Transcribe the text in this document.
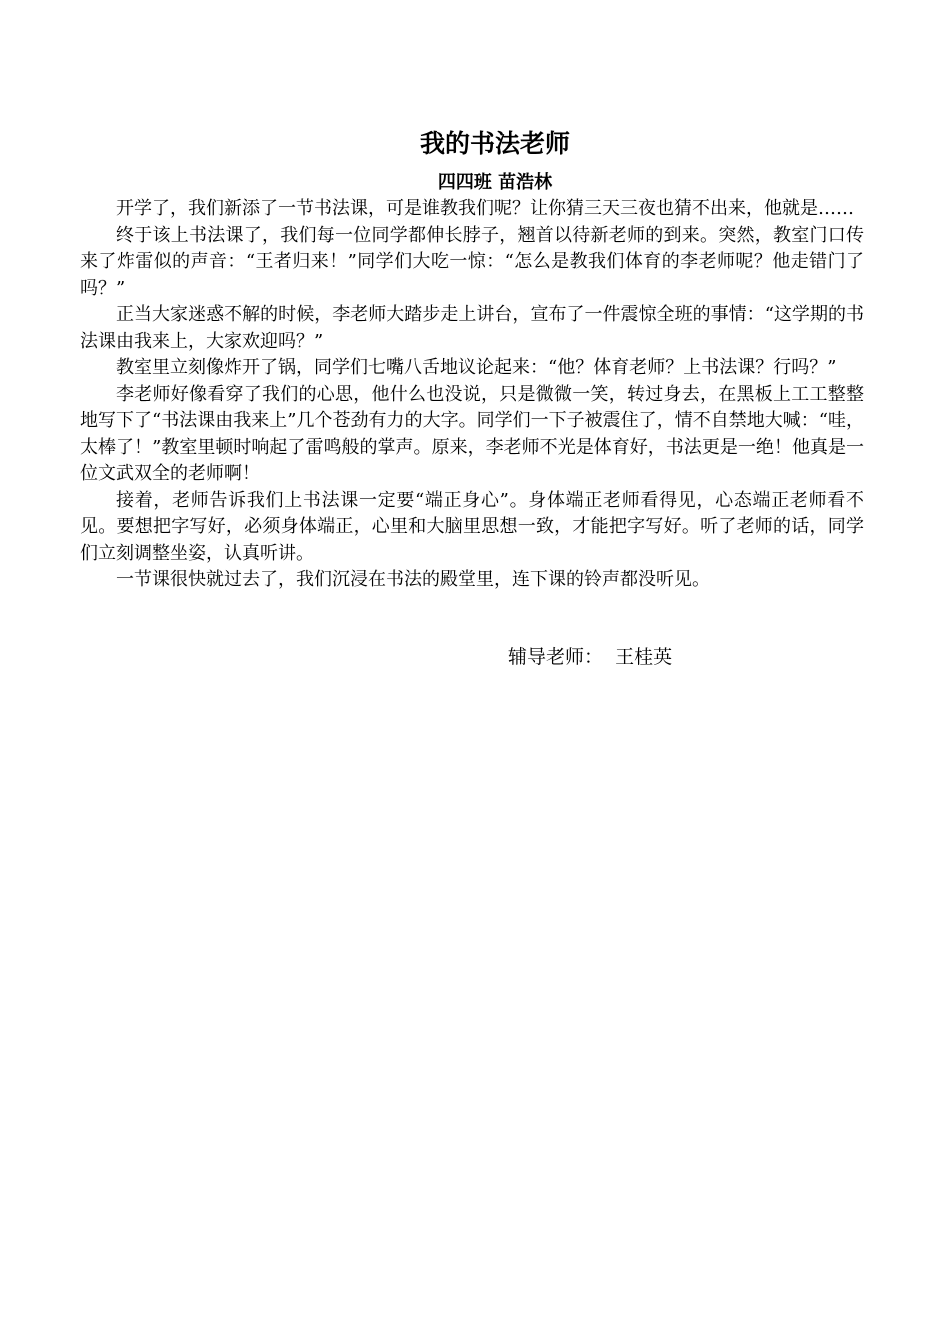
我的书法老师
四四班 苗浩林

开学了，我们新添了一节书法课，可是谁教我们呢？让你猜三天三夜也猜不出来，他就是……

终于该上书法课了，我们每一位同学都伸长脖子，翘首以待新老师的到来。突然，教室门口传来了炸雷似的声音：“王者归来！”同学们大吃一惊：“怎么是教我们体育的李老师呢？他走错门了吗？”

正当大家迷惑不解的时候，李老师大踏步走上讲台，宣布了一件震惊全班的事情：“这学期的书法课由我来上，大家欢迎吗？”

教室里立刻像炸开了锅，同学们七嘴八舌地议论起来：“他？体育老师？上书法课？行吗？”

李老师好像看穿了我们的心思，他什么也没说，只是微微一笑，转过身去，在黑板上工工整整地写下了“书法课由我来上”几个苍劲有力的大字。同学们一下子被震住了，情不自禁地大喊：“哇，太棒了！”教室里顿时响起了雷鸣般的掌声。原来，李老师不光是体育好，书法更是一绝！他真是一位文武双全的老师啊！

接着，老师告诉我们上书法课一定要“端正身心”。身体端正老师看得见，心态端正老师看不见。要想把字写好，必须身体端正，心里和大脑里思想一致，才能把字写好。听了老师的话，同学们立刻调整坐姿，认真听讲。

一节课很快就过去了，我们沉浸在书法的殿堂里，连下课的铃声都没听见。

辅导老师：  王桂英
